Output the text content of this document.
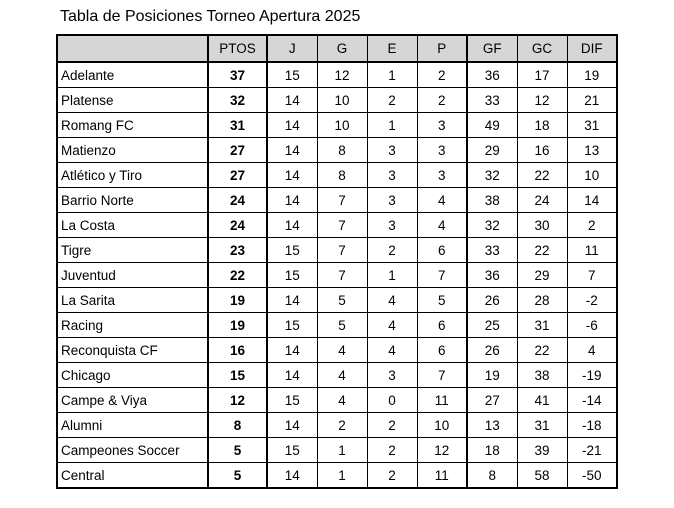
Tabla de Posiciones Torneo Apertura 2025
	PTOS	J	G	E	P	GF	GC	DIF
Adelante	37	15	12	1	2	36	17	19
Platense	32	14	10	2	2	33	12	21
Romang FC	31	14	10	1	3	49	18	31
Matienzo	27	14	8	3	3	29	16	13
Atlético y Tiro	27	14	8	3	3	32	22	10
Barrio Norte	24	14	7	3	4	38	24	14
La Costa	24	14	7	3	4	32	30	2
Tigre	23	15	7	2	6	33	22	11
Juventud	22	15	7	1	7	36	29	7
La Sarita	19	14	5	4	5	26	28	-2
Racing	19	15	5	4	6	25	31	-6
Reconquista CF	16	14	4	4	6	26	22	4
Chicago	15	14	4	3	7	19	38	-19
Campe & Viya	12	15	4	0	11	27	41	-14
Alumni	8	14	2	2	10	13	31	-18
Campeones Soccer	5	15	1	2	12	18	39	-21
Central	5	14	1	2	11	8	58	-50
